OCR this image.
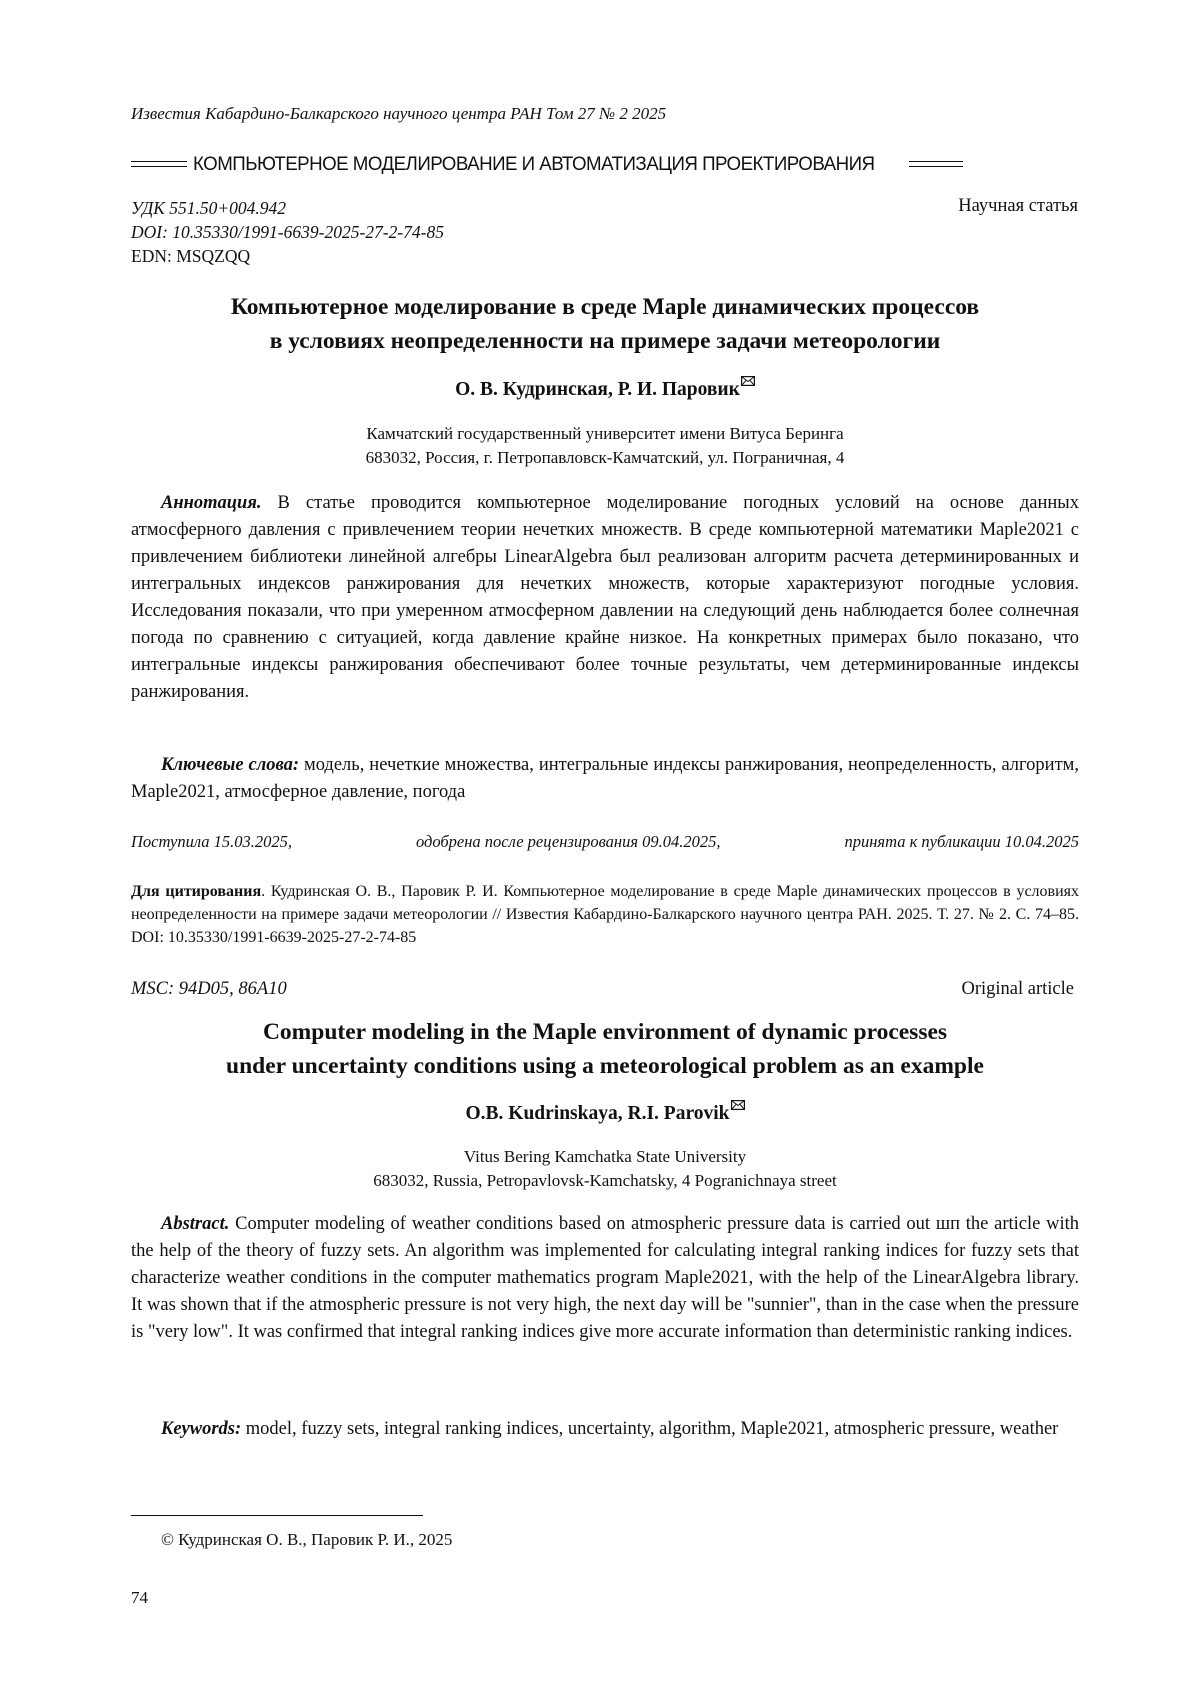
Известия Кабардино-Балкарского научного центра РАН Том 27 № 2 2025
КОМПЬЮТЕРНОЕ МОДЕЛИРОВАНИЕ И АВТОМАТИЗАЦИЯ ПРОЕКТИРОВАНИЯ
УДК 551.50+004.942
DOI: 10.35330/1991-6639-2025-27-2-74-85
EDN: MSQZQQ
Научная статья
Компьютерное моделирование в среде Maple динамических процессов
в условиях неопределенности на примере задачи метеорологии
О. В. Кудринская, Р. И. Паровик
Камчатский государственный университет имени Витуса Беринга
683032, Россия, г. Петропавловск-Камчатский, ул. Пограничная, 4
Аннотация. В статье проводится компьютерное моделирование погодных условий на основе данных атмосферного давления с привлечением теории нечетких множеств. В среде компьютерной математики Maple2021 с привлечением библиотеки линейной алгебры LinearAlgebra был реализован алгоритм расчета детерминированных и интегральных индексов ранжирования для нечетких множеств, которые характеризуют погодные условия. Исследования показали, что при умеренном атмосферном давлении на следующий день наблюдается более солнечная погода по сравнению с ситуацией, когда давление крайне низкое. На конкретных примерах было показано, что интегральные индексы ранжирования обеспечивают более точные результаты, чем детерминированные индексы ранжирования.
Ключевые слова: модель, нечеткие множества, интегральные индексы ранжирования, неопределенность, алгоритм, Maple2021, атмосферное давление, погода
Поступила 15.03.2025,	одобрена после рецензирования 09.04.2025,	принята к публикации 10.04.2025
Для цитирования. Кудринская О. В., Паровик Р. И. Компьютерное моделирование в среде Maple динамических процессов в условиях неопределенности на примере задачи метеорологии // Известия Кабардино-Балкарского научного центра РАН. 2025. Т. 27. № 2. С. 74–85. DOI: 10.35330/1991-6639-2025-27-2-74-85
MSC: 94D05, 86A10	Original article
Computer modeling in the Maple environment of dynamic processes
under uncertainty conditions using a meteorological problem as an example
O.B. Kudrinskaya, R.I. Parovik
Vitus Bering Kamchatka State University
683032, Russia, Petropavlovsk-Kamchatsky, 4 Pogranichnaya street
Abstract. Computer modeling of weather conditions based on atmospheric pressure data is carried out шп the article with the help of the theory of fuzzy sets. An algorithm was implemented for calculating integral ranking indices for fuzzy sets that characterize weather conditions in the computer mathematics program Maple2021, with the help of the LinearAlgebra library. It was shown that if the atmospheric pressure is not very high, the next day will be "sunnier", than in the case when the pressure is "very low". It was confirmed that integral ranking indices give more accurate information than deterministic ranking indices.
Keywords: model, fuzzy sets, integral ranking indices, uncertainty, algorithm, Maple2021, atmospheric pressure, weather
© Кудринская О. В., Паровик Р. И., 2025
74
